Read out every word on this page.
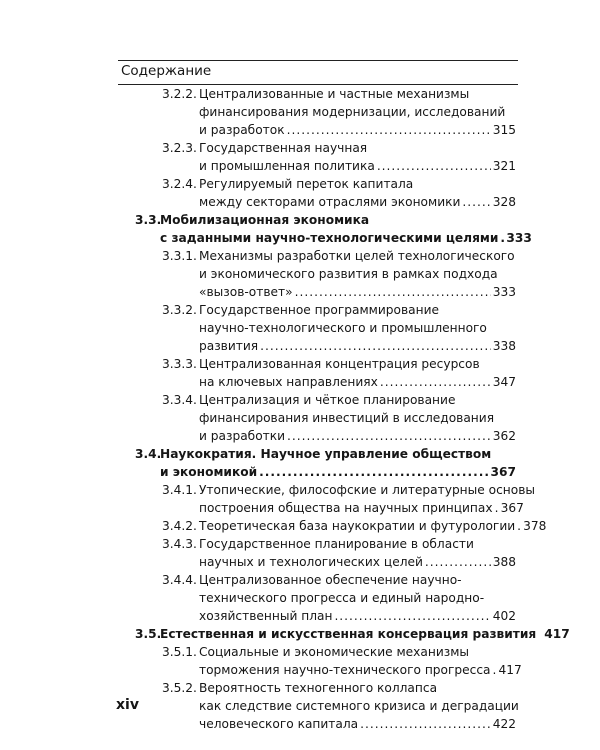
Содержание
3.2.2. Централизованные и частные механизмы
финансирования модернизации, исследований
и разработок .....	315
3.2.3. Государственная научная
и промышленная политика .....	321
3.2.4. Регулируемый переток капитала
между секторами отраслями экономики .....	328
3.3.
Мобилизационная экономика
с заданными научно-технологическими целями ..... 333
3.3.1. Механизмы разработки целей технологического
и экономического развития в рамках подхода
«вызов-ответ» .....	333
3.3.2. Государственное программирование
научно-технологического и промышленного
развития .....	338
3.3.3. Централизованная концентрация ресурсов
на ключевых направлениях .....	347
3.3.4. Централизация и чёткое планирование
финансирования инвестиций в исследования
и разработки .....	362
3.4.
Наукократия. Научное управление обществом
и экономикой .....	367
3.4.1. Утопические, философские и литературные основы
построения общества на научных принципах ..... 367
3.4.2. Теоретическая база наукократии и футурологии ..... 378
3.4.3. Государственное планирование в области
научных и технологических целей .....	388
3.4.4. Централизованное обеспечение научно-
технического прогресса и единый народно-
хозяйственный план .....	402
3.5.
Естественная и искусственная консервация развития 417
3.5.1. Социальные и экономические механизмы
торможения научно-технического прогресса ..... 417
3.5.2. Вероятность техногенного коллапса
как следствие системного кризиса и деградации
человеческого капитала .....	422
xiv
